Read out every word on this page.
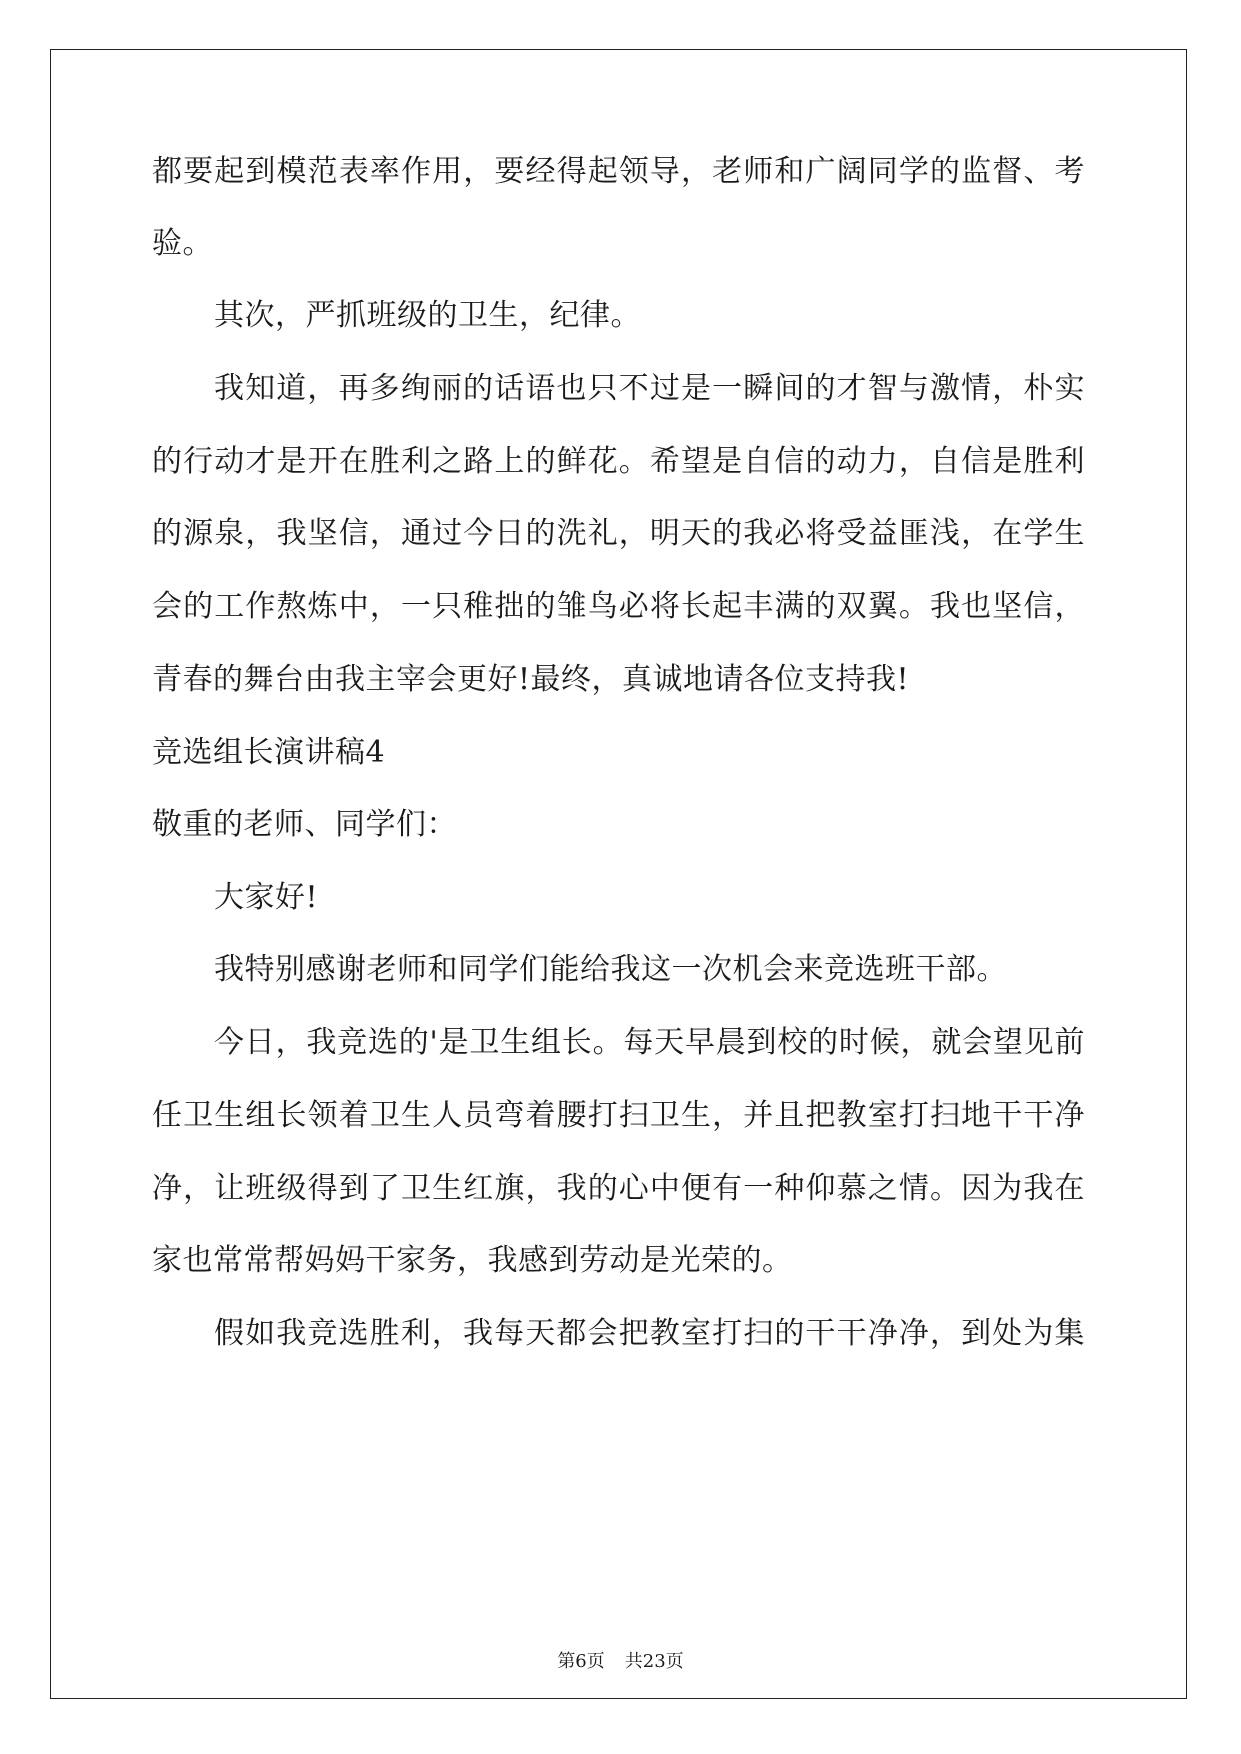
都要起到模范表率作用，要经得起领导，老师和广阔同学的监督、考

验。

其次，严抓班级的卫生，纪律。

我知道，再多绚丽的话语也只不过是一瞬间的才智与激情，朴实

的行动才是开在胜利之路上的鲜花。希望是自信的动力，自信是胜利

的源泉，我坚信，通过今日的洗礼，明天的我必将受益匪浅，在学生

会的工作熬炼中，一只稚拙的雏鸟必将长起丰满的双翼。我也坚信，

青春的舞台由我主宰会更好!最终，真诚地请各位支持我!

竞选组长演讲稿4

敬重的老师、同学们：

大家好!

我特别感谢老师和同学们能给我这一次机会来竞选班干部。

今日，我竞选的'是卫生组长。每天早晨到校的时候，就会望见前

任卫生组长领着卫生人员弯着腰打扫卫生，并且把教室打扫地干干净

净，让班级得到了卫生红旗，我的心中便有一种仰慕之情。因为我在

家也常常帮妈妈干家务，我感到劳动是光荣的。

假如我竞选胜利，我每天都会把教室打扫的干干净净，到处为集

第6页 共23页
